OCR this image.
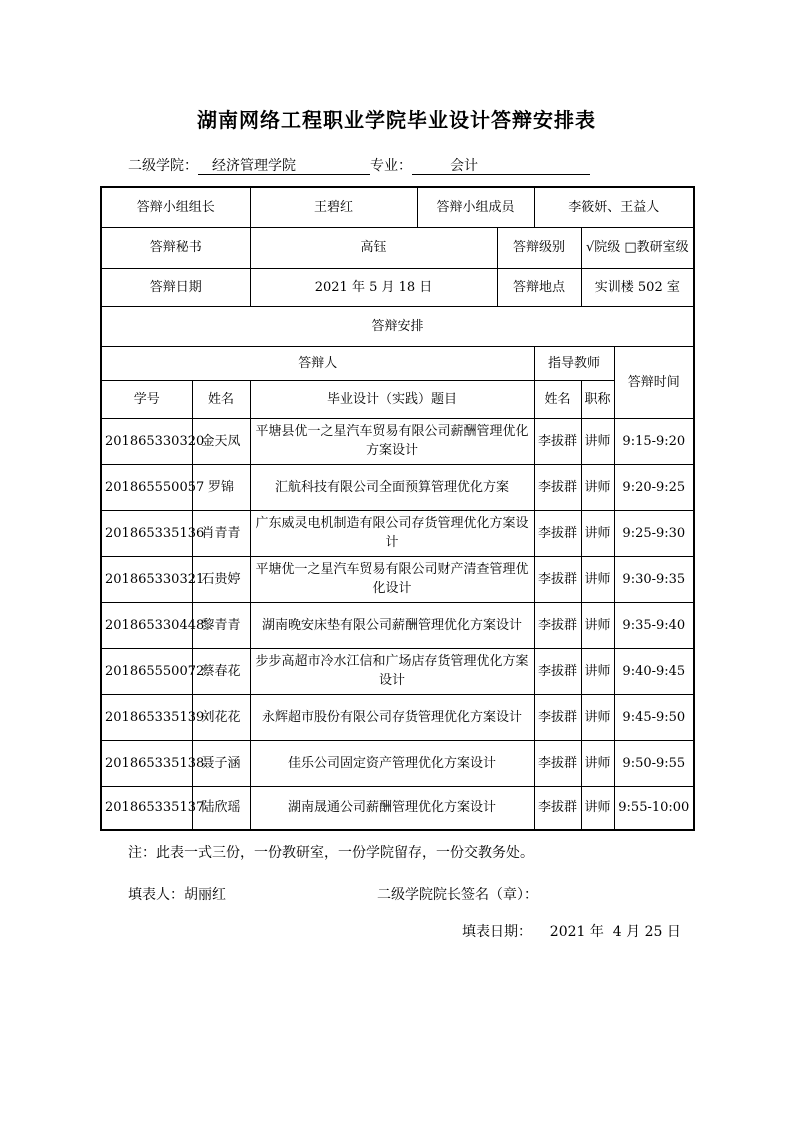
湖南网络工程职业学院毕业设计答辩安排表
二级学院： 经济管理学院	专业：	会计
答辩小组组长		王碧红	答辩小组成员		李筱妍、王益人		
答辩秘书		高钰		答辩级别		√院级 □教研室级	
答辩日期		2021 年 5 月 18 日		答辩地点		实训楼 502 室	
答辩安排							
答辩人					指导教师		答辩时间
学号	姓名	毕业设计（实践）题目			姓名	职称	
201865330320	金天凤	平塘县优一之星汽车贸易有限公司薪酬管理优化方案设计			李拔群	讲师	9:15-9:20
201865550057	罗锦	汇航科技有限公司全面预算管理优化方案			李拔群	讲师	9:20-9:25
201865335136	肖青青	广东威灵电机制造有限公司存货管理优化方案设计			李拔群	讲师	9:25-9:30
201865330321	石贵婷	平塘优一之星汽车贸易有限公司财产清查管理优化设计			李拔群	讲师	9:30-9:35
201865330448	黎青青	湖南晚安床垫有限公司薪酬管理优化方案设计			李拔群	讲师	9:35-9:40
201865550072	蔡春花	步步高超市冷水江信和广场店存货管理优化方案设计			李拔群	讲师	9:40-9:45
201865335139	刘花花	永辉超市股份有限公司存货管理优化方案设计			李拔群	讲师	9:45-9:50
201865335138	聂子涵	佳乐公司固定资产管理优化方案设计			李拔群	讲师	9:50-9:55
201865335137	陆欣瑶	湖南晟通公司薪酬管理优化方案设计			李拔群	讲师	9:55-10:00
注：此表一式三份，一份教研室，一份学院留存，一份交教务处。
填表人：胡丽红	二级学院院长签名（章）：
填表日期：    2021 年  4 月 25 日
